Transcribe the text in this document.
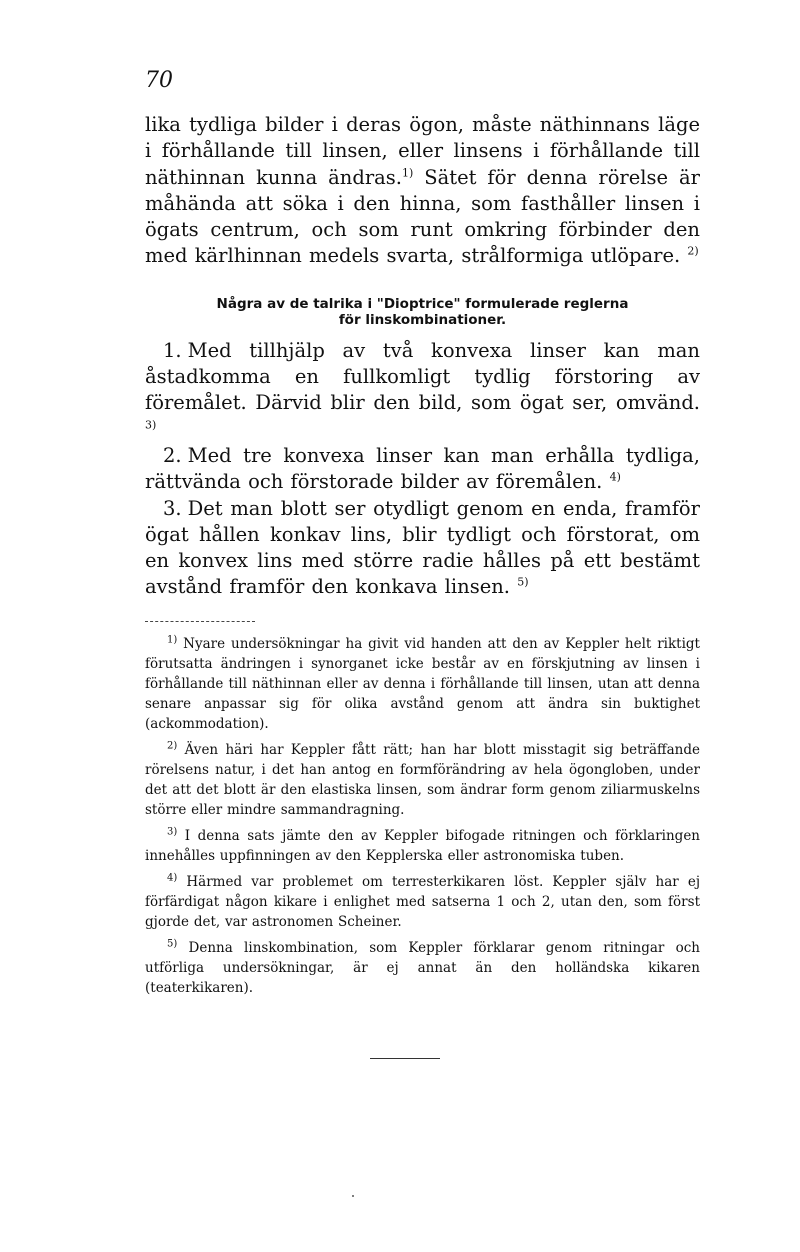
70

lika tydliga bilder i deras ögon, måste näthinnans läge i förhållande till linsen, eller linsens i förhållande till näthinnan kunna ändras.$^{1)}$ Sätet för denna rörelse är måhända att söka i den hinna, som fasthåller linsen i ögats centrum, och som runt omkring förbinder den med kärlhinnan medels svarta, strålformiga utlöpare. $^{2)}$

Några av de talrika i "Dioptrice" formulerade reglerna
för linskombinationer.

1. Med tillhjälp av två konvexa linser kan man åstadkomma en fullkomligt tydlig förstoring av föremålet. Därvid blir den bild, som ögat ser, omvänd. $^{3)}$

2. Med tre konvexa linser kan man erhålla tydliga, rättvända och förstorade bilder av föremålen. $^{4)}$

3. Det man blott ser otydligt genom en enda, framför ögat hållen konkav lins, blir tydligt och förstorat, om en konvex lins med större radie hålles på ett bestämt avstånd framför den konkava linsen. $^{5)}$

$^{1)}$ Nyare undersökningar ha givit vid handen att den av Keppler helt riktigt förutsatta ändringen i synorganet icke består av en förskjutning av linsen i förhållande till näthinnan eller av denna i förhållande till linsen, utan att denna senare anpassar sig för olika avstånd genom att ändra sin buktighet (ackommodation).

$^{2)}$ Även häri har Keppler fått rätt; han har blott misstagit sig beträffande rörelsens natur, i det han antog en formförändring av hela ögongloben, under det att det blott är den elastiska linsen, som ändrar form genom ziliarmuskelns större eller mindre sammandragning.

$^{3)}$ I denna sats jämte den av Keppler bifogade ritningen och förklaringen innehålles uppfinningen av den Kepplerska eller astronomiska tuben.

$^{4)}$ Härmed var problemet om terresterkikaren löst. Keppler själv har ej förfärdigat någon kikare i enlighet med satserna 1 och 2, utan den, som först gjorde det, var astronomen Scheiner.

$^{5)}$ Denna linskombination, som Keppler förklarar genom ritningar och utförliga undersökningar, är ej annat än den holländska kikaren (teaterkikaren).
